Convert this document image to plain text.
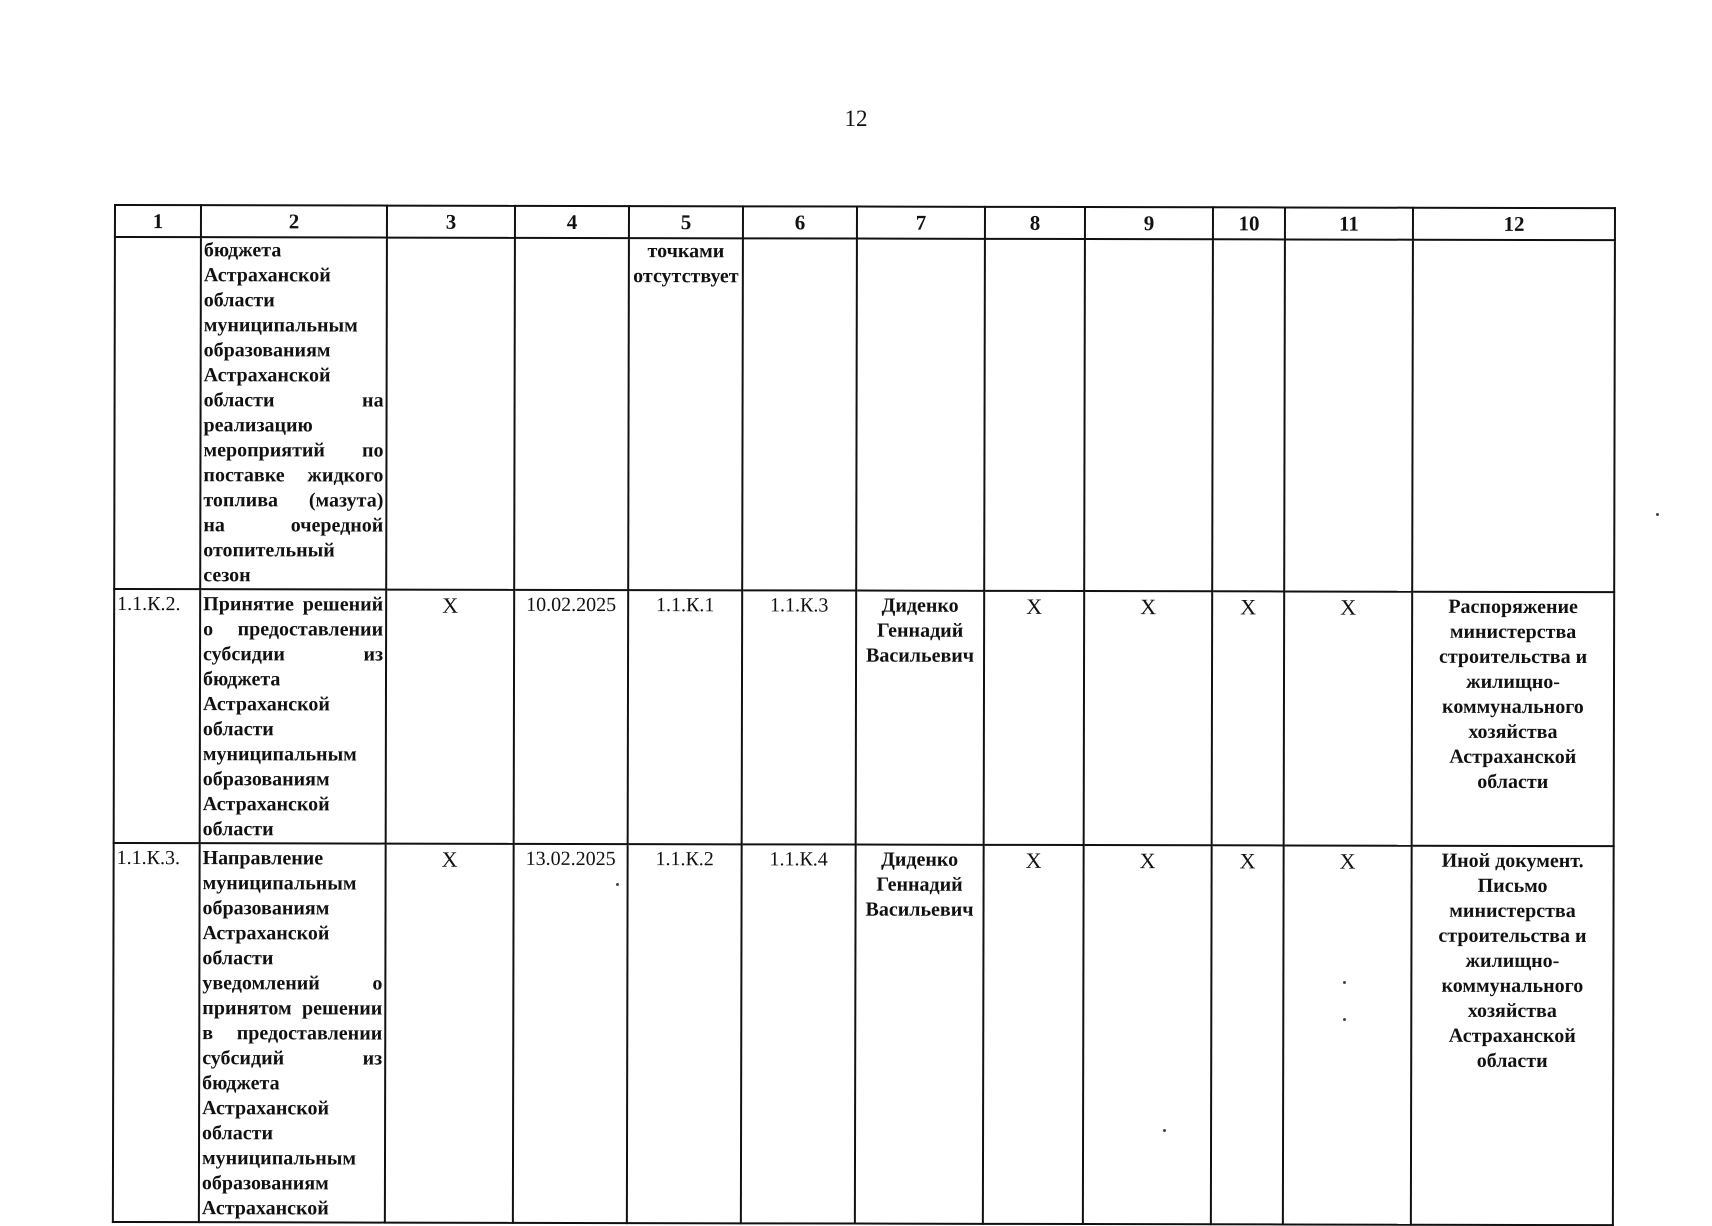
12
1	2	3	4	5	6	7	8	9	10	11	12
	бюджета Астраханской области муниципальным образованиям Астраханской области на реализацию мероприятий по поставке жидкого топлива (мазута) на очередной отопительный сезон			точками отсутствует							
1.1.К.2.	Принятие решений о предоставлении субсидии из бюджета Астраханской области муниципальным образованиям Астраханской области	Х	10.02.2025	1.1.К.1	1.1.К.3	Диденко Геннадий Васильевич	Х	Х	Х	Х	Распоряжение министерства строительства и жилищно-коммунального хозяйства Астраханской области
1.1.К.3.	Направление муниципальным образованиям Астраханской области уведомлений о принятом решении в предоставлении субсидий из бюджета Астраханской области муниципальным образованиям Астраханской	Х	13.02.2025	1.1.К.2	1.1.К.4	Диденко Геннадий Васильевич	Х	Х	Х	Х	Иной документ. Письмо министерства строительства и жилищно-коммунального хозяйства Астраханской области
